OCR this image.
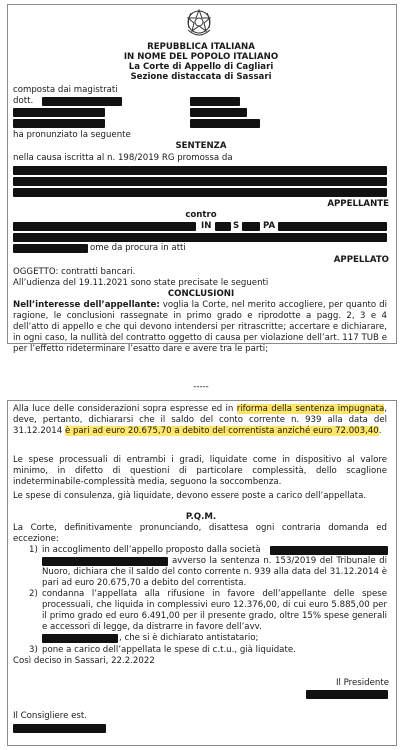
REPUBBLICA ITALIANA
IN NOME DEL POPOLO ITALIANO
La Corte di Appello di Cagliari
Sezione distaccata di Sassari
composta dai magistrati
dott.
ha pronunziato la seguente
SENTENZA
nella causa iscritta al n. 198/2019 RG promossa da
APPELLANTE
contro
IN	S	PA
ome da procura in atti
APPELLATO
OGGETTO: contratti bancari.
All’udienza del 19.11.2021 sono state precisate le seguenti
CONCLUSIONI
Nell’interesse dell’appellante: voglia la Corte, nel merito accogliere, per quanto di ragione, le conclusioni rassegnate in primo grado e riprodotte a pagg. 2, 3 e 4 dell’atto di appello e che qui devono intendersi per ritrascritte; accertare e dichiarare, in ogni caso, la nullità del contratto oggetto di causa per violazione dell’art. 117 TUB e per l’effetto rideterminare l’esatto dare e avere tra le parti;
-----
Alla luce delle considerazioni sopra espresse ed in riforma della sentenza impugnata, deve, pertanto, dichiararsi che il saldo del conto corrente n. 939 alla data del 31.12.2014 è pari ad euro 20.675,70 a debito del correntista anziché euro 72.003,40.
Le spese processuali di entrambi i gradi, liquidate come in dispositivo al valore minimo, in difetto di questioni di particolare complessità, dello scaglione indeterminabile-complessità media, seguono la soccombenza.
Le spese di consulenza, già liquidate, devono essere poste a carico dell’appellata.
P.Q.M.
La Corte, definitivamente pronunciando, disattesa ogni contraria domanda ed eccezione:
1) in accoglimento dell’appello proposto dalla società
avverso la sentenza n. 153/2019 del Tribunale di Nuoro, dichiara che il saldo del conto corrente n. 939 alla data del 31.12.2014 è pari ad euro 20.675,70 a debito del correntista.
2) condanna l’appellata alla rifusione in favore dell’appellante delle spese processuali, che liquida in complessivi euro 12.376,00, di cui euro 5.885,00 per il primo grado ed euro 6.491,00 per il presente grado, oltre 15% spese generali e accessori di legge, da distrarre in favore dell’avv.
, che si è dichiarato antistatario;
3) pone a carico dell’appellata le spese di c.t.u., già liquidate.
Così deciso in Sassari, 22.2.2022
Il Presidente
Il Consigliere est.
